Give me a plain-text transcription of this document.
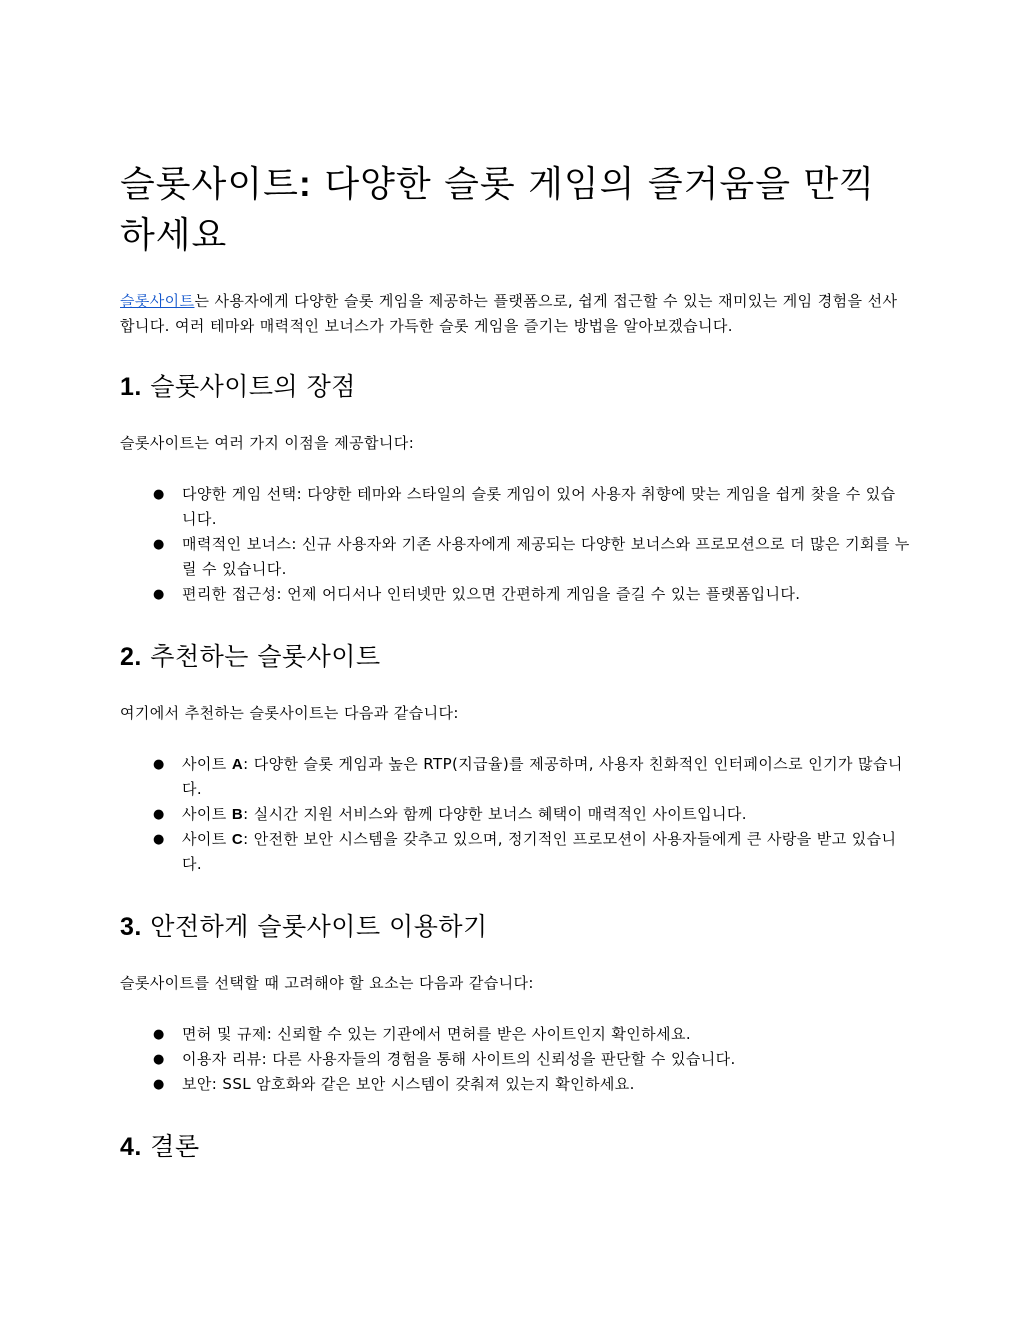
슬롯사이트: 다양한 슬롯 게임의 즐거움을 만끽하세요

슬롯사이트는 사용자에게 다양한 슬롯 게임을 제공하는 플랫폼으로, 쉽게 접근할 수 있는 재미있는 게임 경험을 선사합니다. 여러 테마와 매력적인 보너스가 가득한 슬롯 게임을 즐기는 방법을 알아보겠습니다.

1. 슬롯사이트의 장점

슬롯사이트는 여러 가지 이점을 제공합니다:

● 다양한 게임 선택: 다양한 테마와 스타일의 슬롯 게임이 있어 사용자 취향에 맞는 게임을 쉽게 찾을 수 있습니다.
● 매력적인 보너스: 신규 사용자와 기존 사용자에게 제공되는 다양한 보너스와 프로모션으로 더 많은 기회를 누릴 수 있습니다.
● 편리한 접근성: 언제 어디서나 인터넷만 있으면 간편하게 게임을 즐길 수 있는 플랫폼입니다.
2. 추천하는 슬롯사이트

여기에서 추천하는 슬롯사이트는 다음과 같습니다:

● 사이트 A: 다양한 슬롯 게임과 높은 RTP(지급율)를 제공하며, 사용자 친화적인 인터페이스로 인기가 많습니다.
● 사이트 B: 실시간 지원 서비스와 함께 다양한 보너스 혜택이 매력적인 사이트입니다.
● 사이트 C: 안전한 보안 시스템을 갖추고 있으며, 정기적인 프로모션이 사용자들에게 큰 사랑을 받고 있습니다.
3. 안전하게 슬롯사이트 이용하기

슬롯사이트를 선택할 때 고려해야 할 요소는 다음과 같습니다:

● 면허 및 규제: 신뢰할 수 있는 기관에서 면허를 받은 사이트인지 확인하세요.
● 이용자 리뷰: 다른 사용자들의 경험을 통해 사이트의 신뢰성을 판단할 수 있습니다.
● 보안: SSL 암호화와 같은 보안 시스템이 갖춰져 있는지 확인하세요.
4. 결론
